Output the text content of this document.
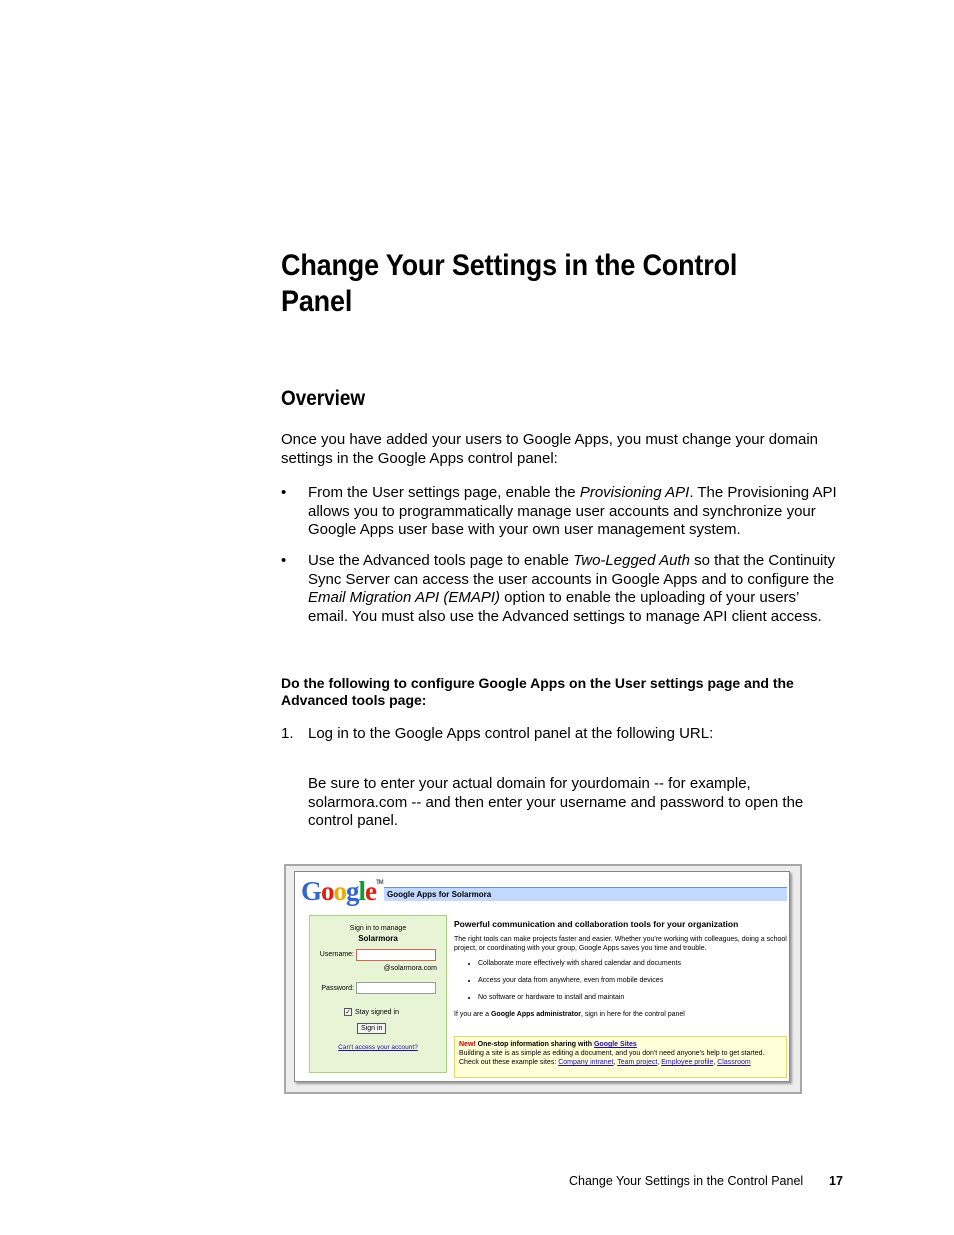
Change Your Settings in the Control Panel
Overview

Once you have added your users to Google Apps, you must change your domain settings in the Google Apps control panel:

• From the User settings page, enable the Provisioning API. The Provisioning API allows you to programmatically manage user accounts and synchronize your Google Apps user base with your own user management system.
• Use the Advanced tools page to enable Two-Legged Auth so that the Continuity Sync Server can access the user accounts in Google Apps and to configure the Email Migration API (EMAPI) option to enable the uploading of your users’ email. You must also use the Advanced settings to manage API client access.

Do the following to configure Google Apps on the User settings page and the Advanced tools page:

1. Log in to the Google Apps control panel at the following URL:
Be sure to enter your actual domain for yourdomain -- for example, solarmora.com -- and then enter your username and password to open the control panel.
GoogleTM
Google Apps for Solarmora
Sign in to manage
Solarmora
Username:
@solarmora.com
Password:
✓ Stay signed in
Sign in
Can't access your account?
Powerful communication and collaboration tools for your organization
The right tools can make projects faster and easier. Whether you're working with colleagues, doing a school project, or coordinating with your group, Google Apps saves you time and trouble.
• Collaborate more effectively with shared calendar and documents
• Access your data from anywhere, even from mobile devices
• No software or hardware to install and maintain
If you are a Google Apps administrator, sign in here for the control panel
New! One-stop information sharing with Google Sites
Building a site is as simple as editing a document, and you don't need anyone's help to get started.
Check out these example sites: Company intranet, Team project, Employee profile, Classroom
Change Your Settings in the Control Panel 17
